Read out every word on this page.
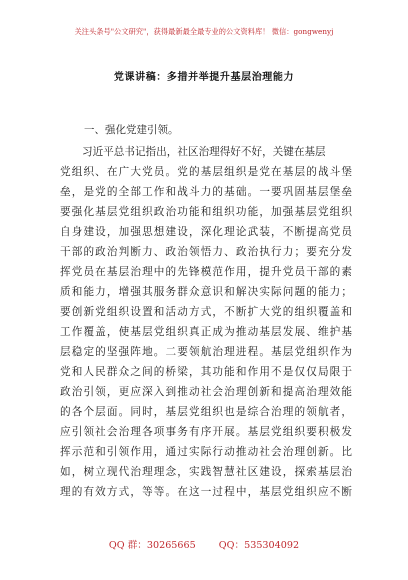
关注头条号"公文研究"，获得最新最全最专业的公文资料库！ 微信：gongwenyj
党课讲稿：多措并举提升基层治理能力
一、强化党建引领。
习近平总书记指出，社区治理得好不好，关键在基层
党组织、在广大党员。党的基层组织是党在基层的战斗堡
垒，是党的全部工作和战斗力的基础。一要巩固基层堡垒
要强化基层党组织政治功能和组织功能，加强基层党组织
自身建设，加强思想建设，深化理论武装，不断提高党员
干部的政治判断力、政治领悟力、政治执行力；要充分发
挥党员在基层治理中的先锋模范作用，提升党员干部的素
质和能力，增强其服务群众意识和解决实际问题的能力；
要创新党组织设置和活动方式，不断扩大党的组织覆盖和
工作覆盖，使基层党组织真正成为推动基层发展、维护基
层稳定的坚强阵地。二要领航治理进程。基层党组织作为
党和人民群众之间的桥梁，其功能和作用不是仅仅局限于
政治引领，更应深入到推动社会治理创新和提高治理效能
的各个层面。同时，基层党组织也是综合治理的领航者，
应引领社会治理各项事务有序开展。基层党组织要积极发
挥示范和引领作用，通过实际行动推动社会治理创新。比
如，树立现代治理理念，实践智慧社区建设，探索基层治
理的有效方式，等等。在这一过程中，基层党组织应不断
QQ 群：30265665 QQ：535304092
